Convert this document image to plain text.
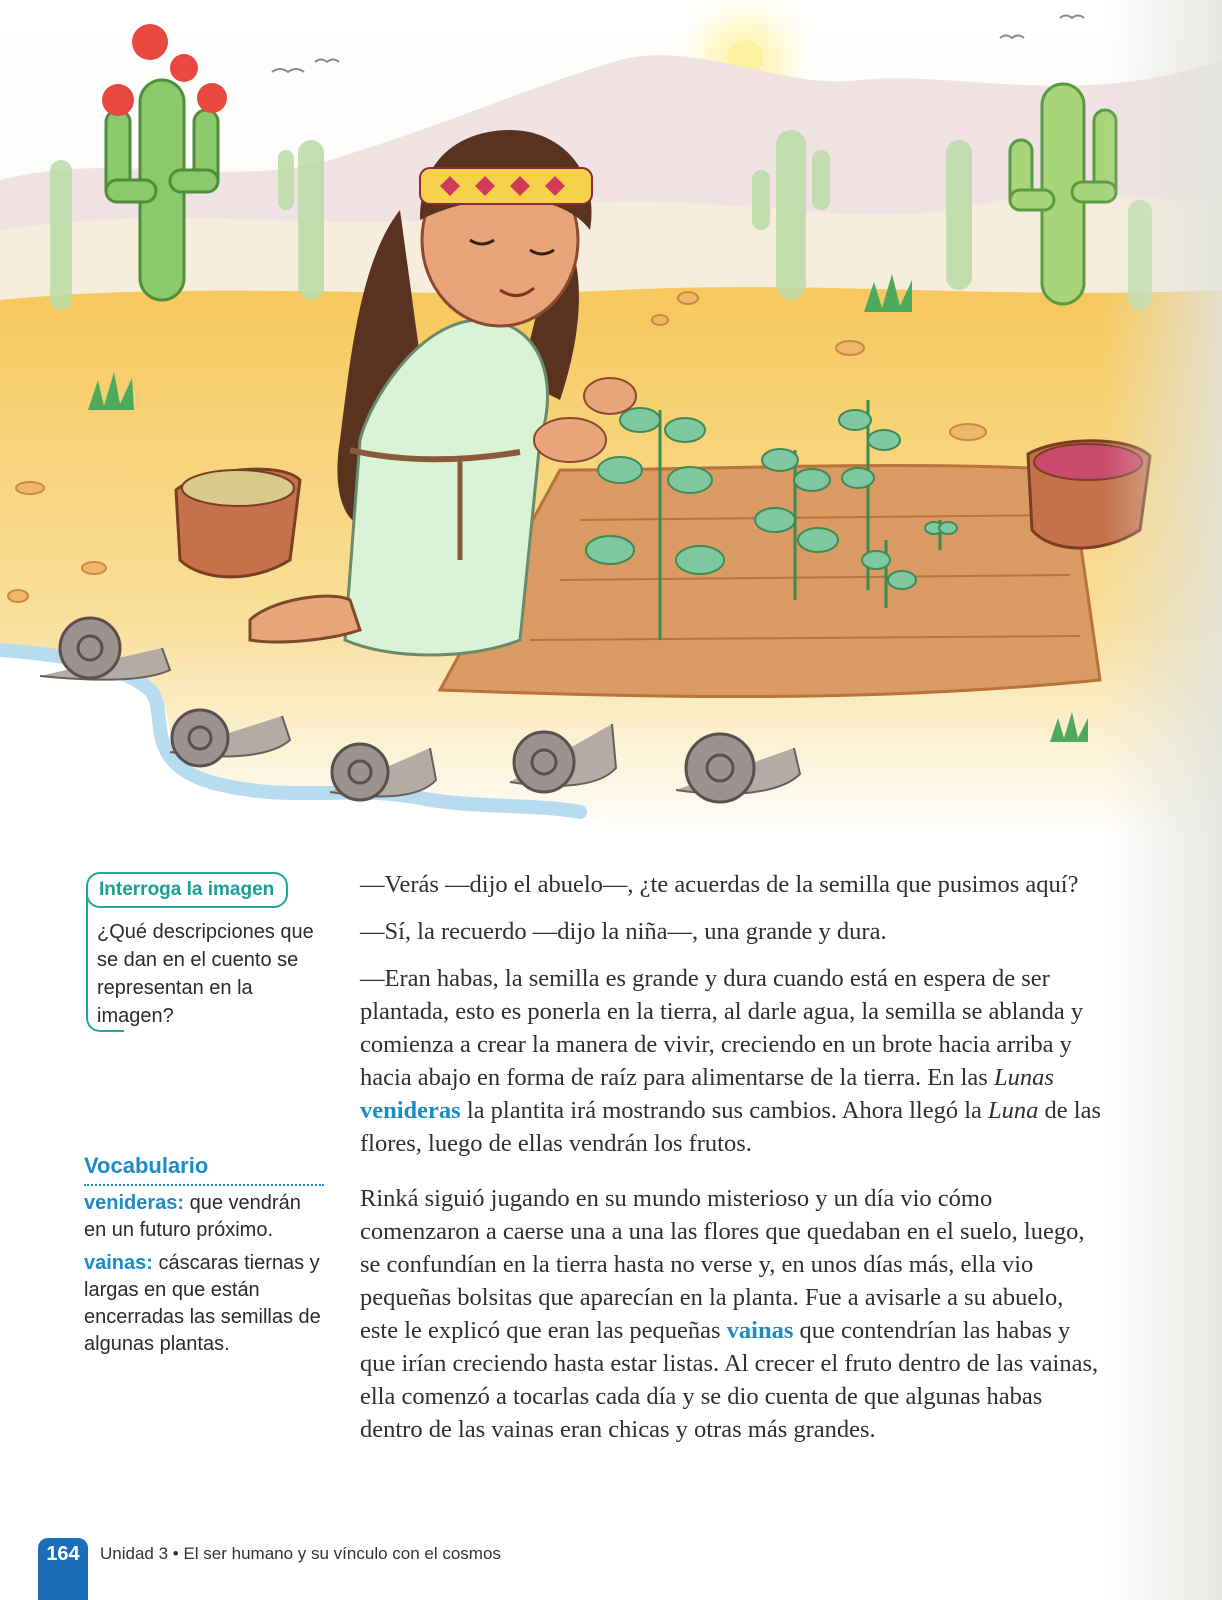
Interroga la imagen
¿Qué descripciones que se dan en el cuento se representan en la imagen?
Vocabulario
venideras: que vendrán en un futuro próximo.
vainas: cáscaras tiernas y largas en que están encerradas las semillas de algunas plantas.

—Verás —dijo el abuelo—, ¿te acuerdas de la semilla que pusimos aquí?

—Sí, la recuerdo —dijo la niña—, una grande y dura.

—Eran habas, la semilla es grande y dura cuando está en espera de ser plantada, esto es ponerla en la tierra, al darle agua, la semilla se ablanda y comienza a crear la manera de vivir, creciendo en un brote hacia arriba y hacia abajo en forma de raíz para alimentarse de la tierra. En las Lunas venideras la plantita irá mostrando sus cambios. Ahora llegó la Luna de las flores, luego de ellas vendrán los frutos.

Rinká siguió jugando en su mundo misterioso y un día vio cómo comenzaron a caerse una a una las flores que quedaban en el suelo, luego, se confundían en la tierra hasta no verse y, en unos días más, ella vio pequeñas bolsitas que aparecían en la planta. Fue a avisarle a su abuelo, este le explicó que eran las pequeñas vainas que contendrían las habas y que irían creciendo hasta estar listas. Al crecer el fruto dentro de las vainas, ella comenzó a tocarlas cada día y se dio cuenta de que algunas habas dentro de las vainas eran chicas y otras más grandes.

164	Unidad 3 • El ser humano y su vínculo con el cosmos
